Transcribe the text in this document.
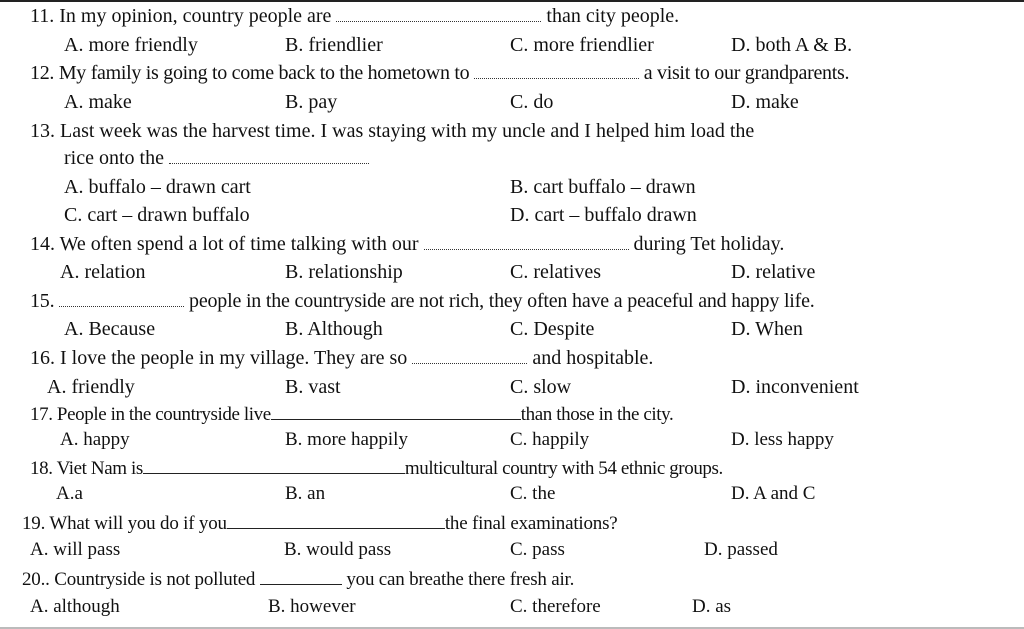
11. In my opinion, country people are	than city people.
A. more friendly	B. friendlier	C. more friendlier	D. both A & B.
12. My family is going to come back to the hometown to	a visit to our grandparents.
A. make	B. pay	C. do	D. make
13. Last week was the harvest time. I was staying with my uncle and I helped him load the
rice onto the
A. buffalo – drawn cart	B. cart buffalo – drawn
C. cart – drawn buffalo	D. cart – buffalo drawn
14. We often spend a lot of time talking with our	during Tet holiday.
A. relation	B. relationship	C. relatives	D. relative
15.	people in the countryside are not rich, they often have a peaceful and happy life.
A. Because	B. Although	C. Despite	D. When
16. I love the people in my village. They are so	and hospitable.
A. friendly	B. vast	C. slow	D. inconvenient
17. People in the countryside live	than those in the city.
A. happy	B. more happily	C. happily	D. less happy
18. Viet Nam is	multicultural country with 54 ethnic groups.
A.a	B. an	C. the	D. A and C
19. What will you do if you	the final examinations?
A. will pass	B. would pass	C. pass	D. passed
20.. Countryside is not polluted	you can breathe there fresh air.
A. although	B. however	C. therefore	D. as
